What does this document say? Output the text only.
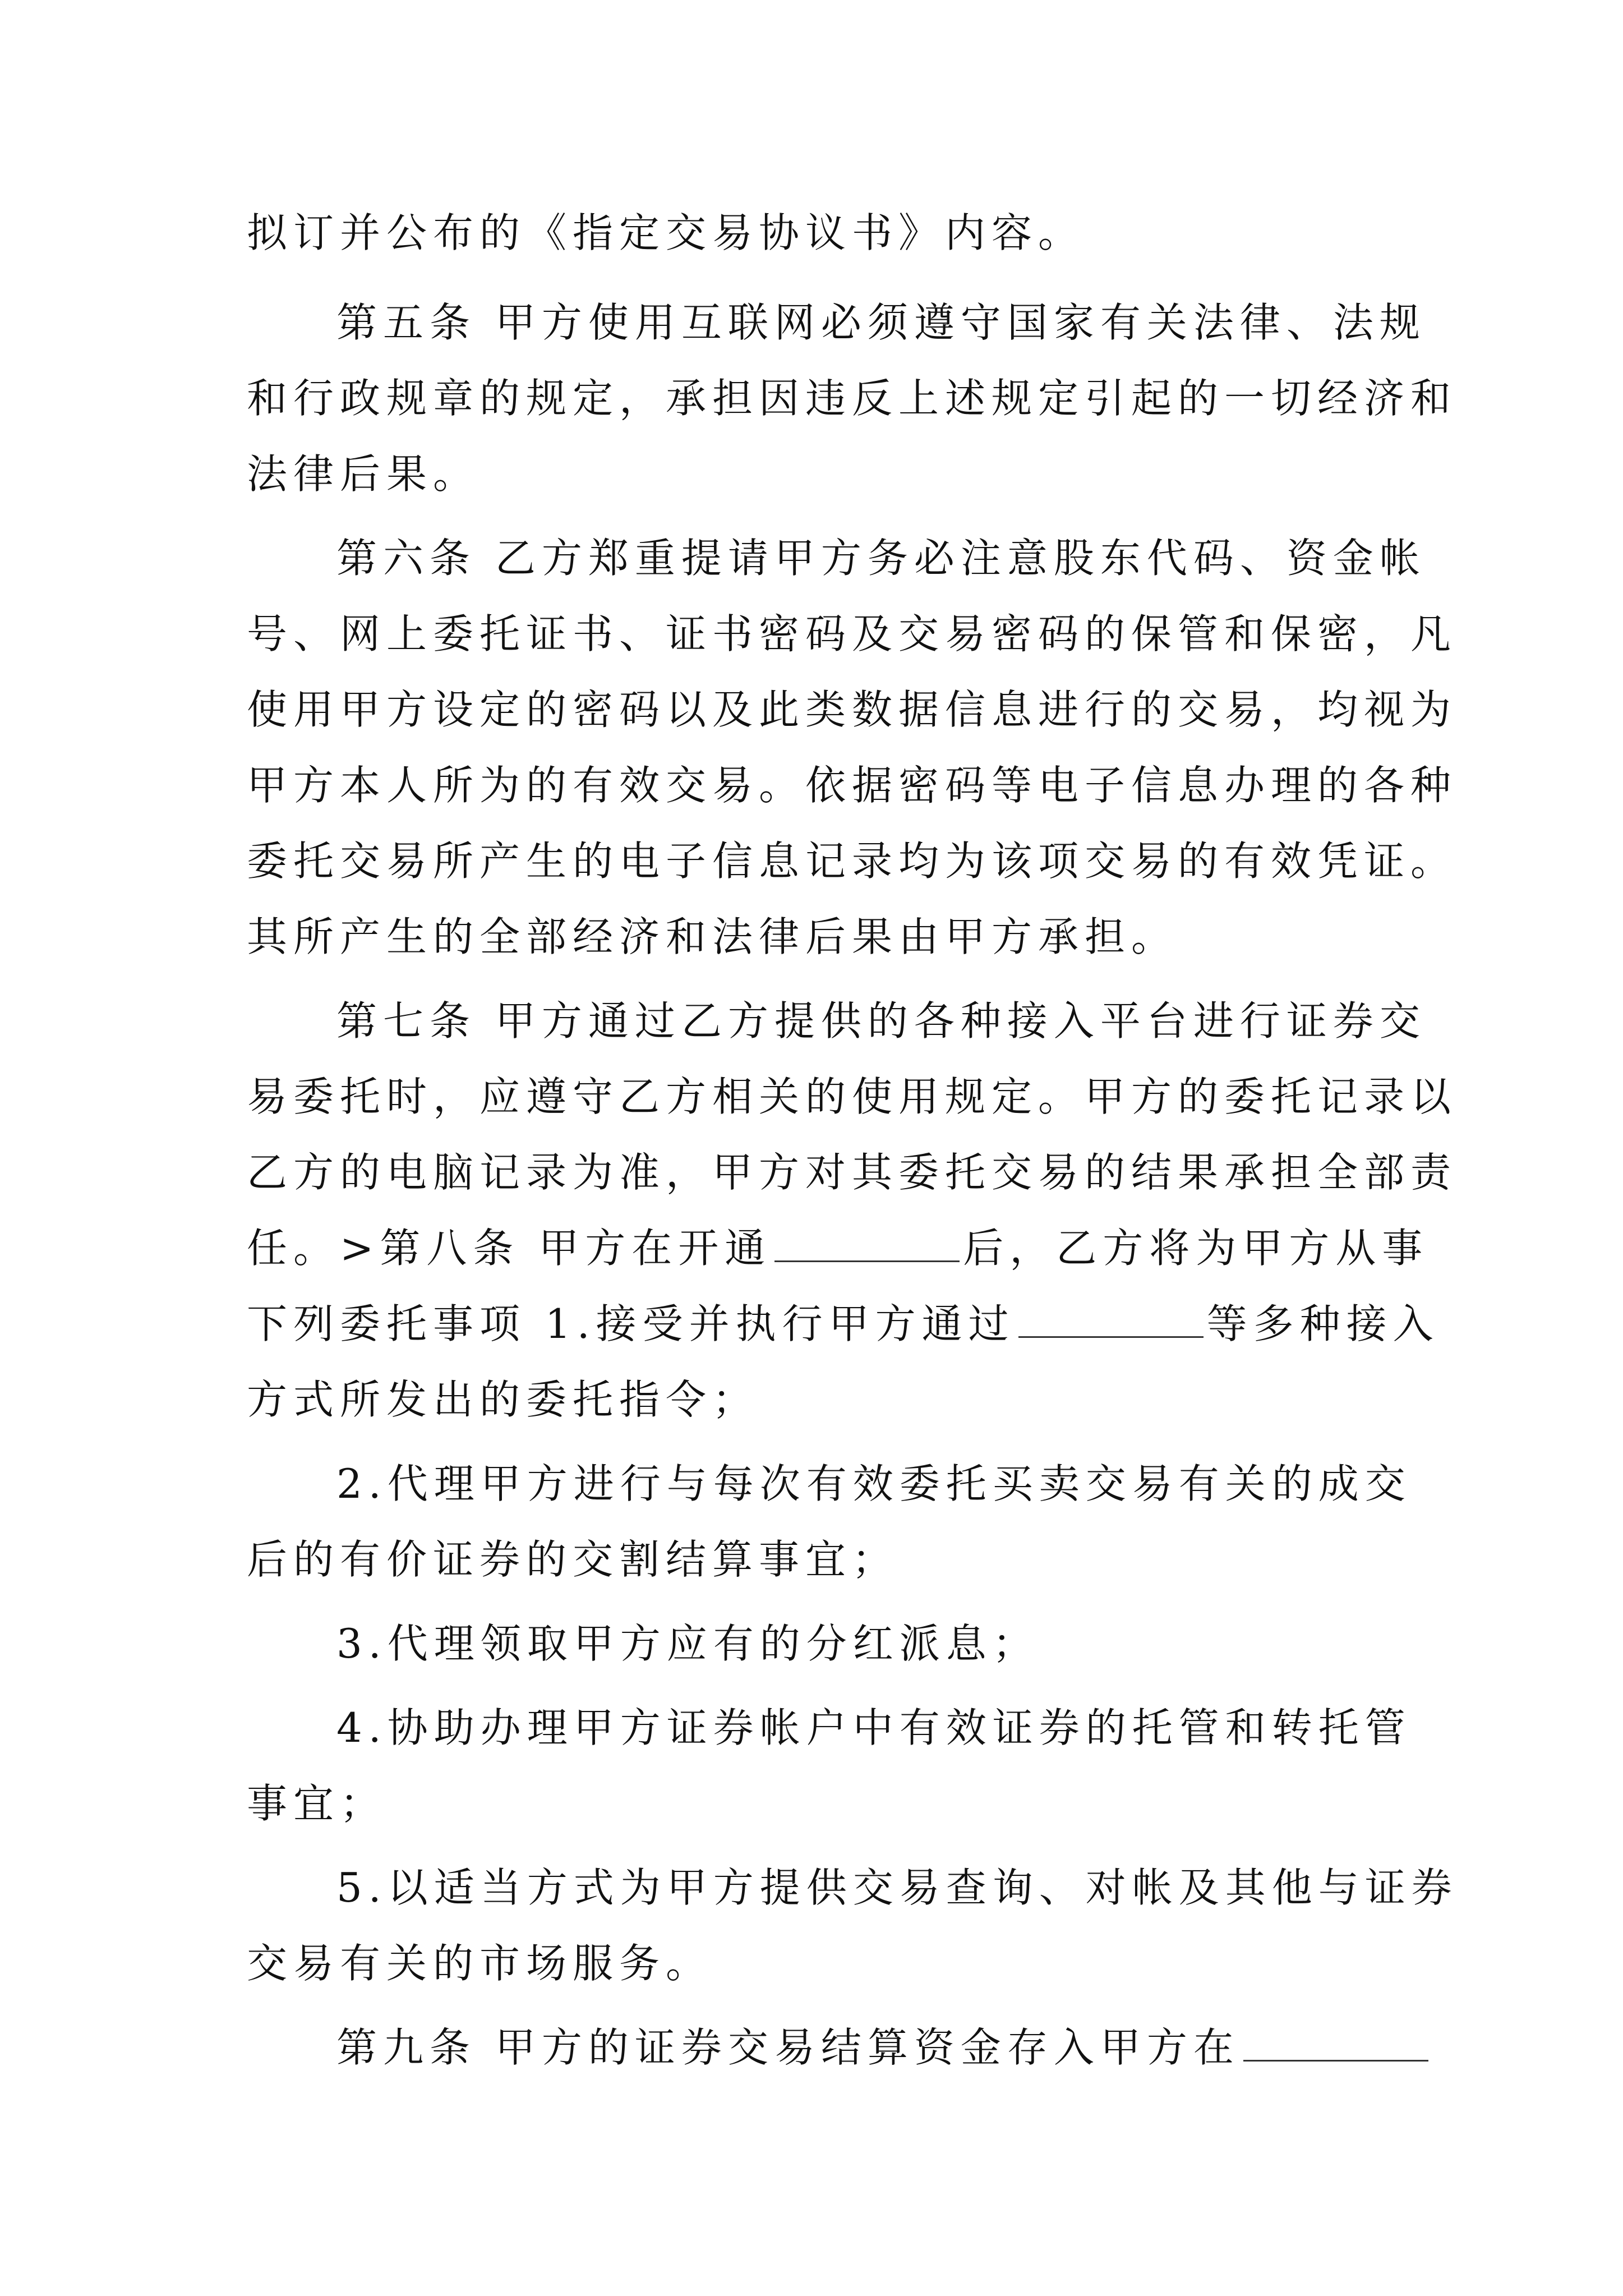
拟订并公布的《指定交易协议书》内容。
第五条 甲方使用互联网必须遵守国家有关法律、法规
和行政规章的规定，承担因违反上述规定引起的一切经济和
法律后果。
第六条 乙方郑重提请甲方务必注意股东代码、资金帐
号、网上委托证书、证书密码及交易密码的保管和保密，凡
使用甲方设定的密码以及此类数据信息进行的交易，均视为
甲方本人所为的有效交易。依据密码等电子信息办理的各种
委托交易所产生的电子信息记录均为该项交易的有效凭证。
其所产生的全部经济和法律后果由甲方承担。
第七条 甲方通过乙方提供的各种接入平台进行证券交
易委托时，应遵守乙方相关的使用规定。甲方的委托记录以
乙方的电脑记录为准，甲方对其委托交易的结果承担全部责
任。>第八条 甲方在开通	后，乙方将为甲方从事
下列委托事项 1.接受并执行甲方通过	等多种接入
方式所发出的委托指令；
2.代理甲方进行与每次有效委托买卖交易有关的成交
后的有价证券的交割结算事宜；
3.代理领取甲方应有的分红派息；
4.协助办理甲方证券帐户中有效证券的托管和转托管
事宜；
5.以适当方式为甲方提供交易查询、对帐及其他与证券
交易有关的市场服务。
第九条 甲方的证券交易结算资金存入甲方在
